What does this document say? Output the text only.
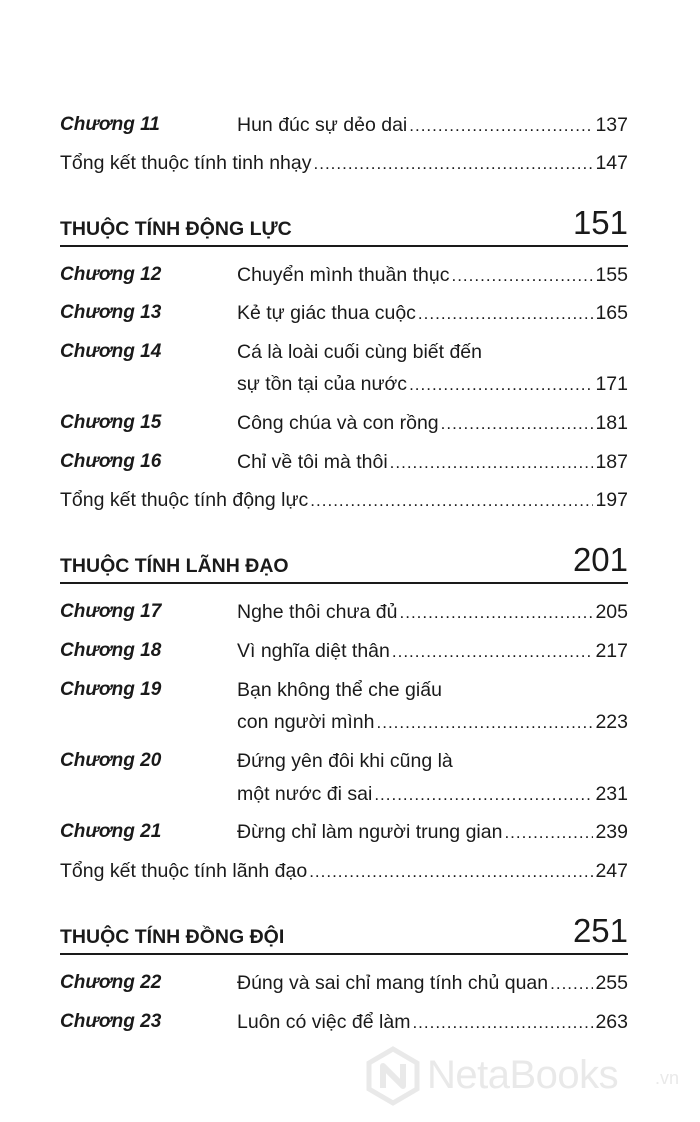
Chương 11	Hun đúc sự dẻo dai .....	137
Tổng kết thuộc tính tinh nhạy .....	147
THUỘC TÍNH ĐỘNG LỰC	151
Chương 12	Chuyển mình thuần thục .....	155
Chương 13	Kẻ tự giác thua cuộc .....	165
Chương 14	Cá là loài cuối cùng biết đến
sự tồn tại của nước .....	171
Chương 15	Công chúa và con rồng .....	181
Chương 16	Chỉ về tôi mà thôi .....	187
Tổng kết thuộc tính động lực .....	197
THUỘC TÍNH LÃNH ĐẠO	201
Chương 17	Nghe thôi chưa đủ .....	205
Chương 18	Vì nghĩa diệt thân .....	217
Chương 19	Bạn không thể che giấu
con người mình .....	223
Chương 20	Đứng yên đôi khi cũng là
một nước đi sai .....	231
Chương 21	Đừng chỉ làm người trung gian .....	239
Tổng kết thuộc tính lãnh đạo .....	247
THUỘC TÍNH ĐỒNG ĐỘI	251
Chương 22	Đúng và sai chỉ mang tính chủ quan ..... 255
Chương 23	Luôn có việc để làm .....	263
NetaBooks .vn
